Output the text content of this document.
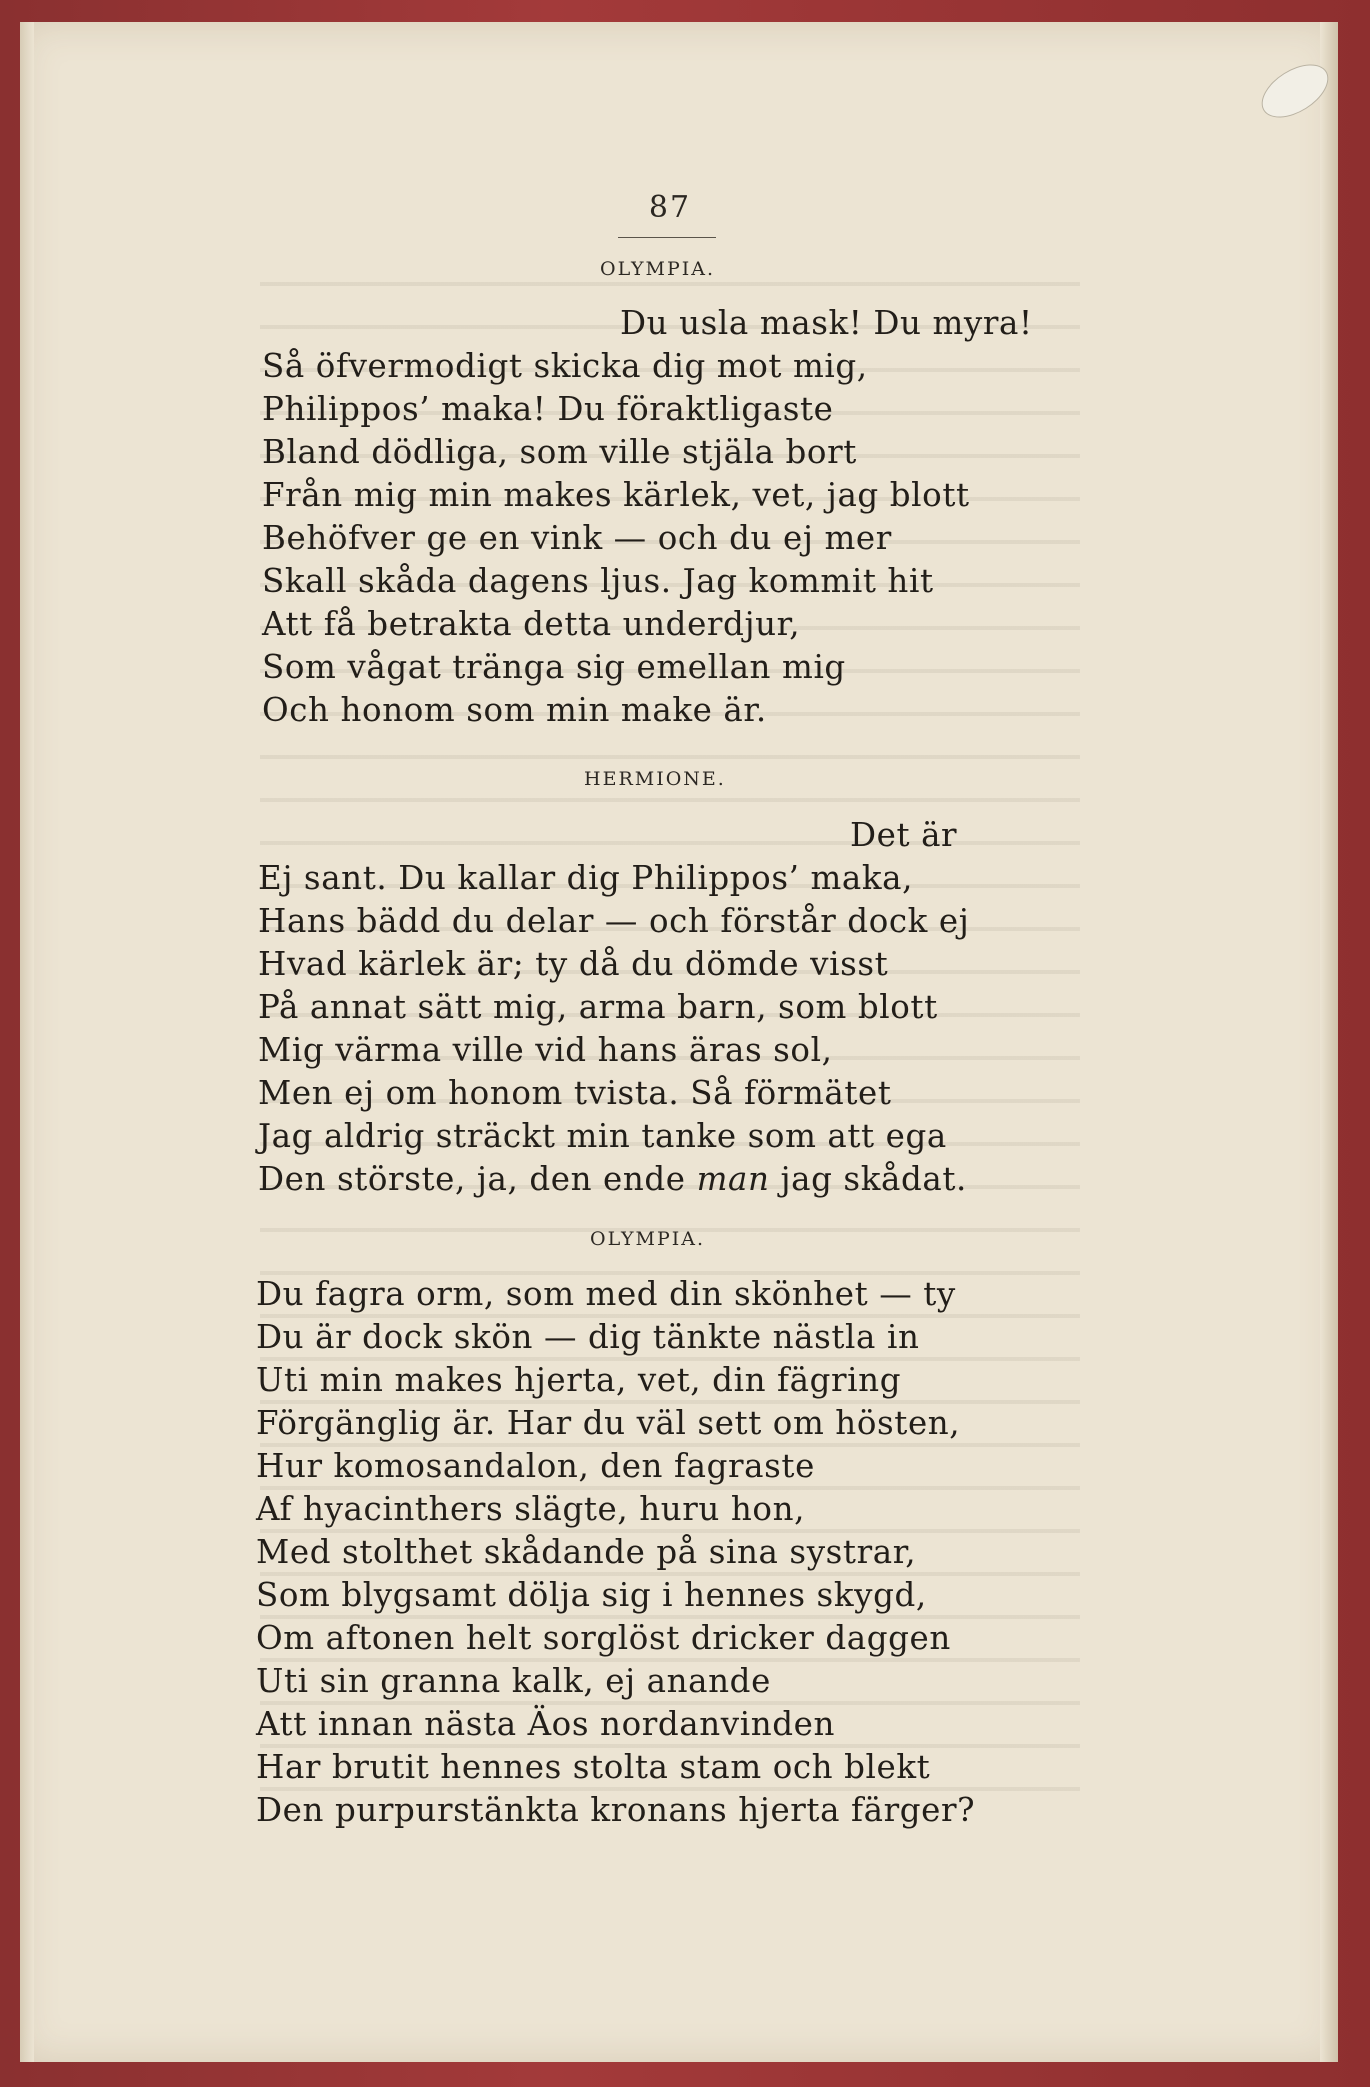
87
OLYMPIA.
Du usla mask! Du myra!
Så öfvermodigt skicka dig mot mig,
Philippos’ maka! Du föraktligaste
Bland dödliga, som ville stjäla bort
Från mig min makes kärlek, vet, jag blott
Behöfver ge en vink — och du ej mer
Skall skåda dagens ljus. Jag kommit hit
Att få betrakta detta underdjur,
Som vågat tränga sig emellan mig
Och honom som min make är.
HERMIONE.
Det är
Ej sant. Du kallar dig Philippos’ maka,
Hans bädd du delar — och förstår dock ej
Hvad kärlek är; ty då du dömde visst
På annat sätt mig, arma barn, som blott
Mig värma ville vid hans äras sol,
Men ej om honom tvista. Så förmätet
Jag aldrig sträckt min tanke som att ega
Den störste, ja, den ende man jag skådat.
OLYMPIA.
Du fagra orm, som med din skönhet — ty
Du är dock skön — dig tänkte nästla in
Uti min makes hjerta, vet, din fägring
Förgänglig är. Har du väl sett om hösten,
Hur komosandalon, den fagraste
Af hyacinthers slägte, huru hon,
Med stolthet skådande på sina systrar,
Som blygsamt dölja sig i hennes skygd,
Om aftonen helt sorglöst dricker daggen
Uti sin granna kalk, ej anande
Att innan nästa Äos nordanvinden
Har brutit hennes stolta stam och blekt
Den purpurstänkta kronans hjerta färger?
